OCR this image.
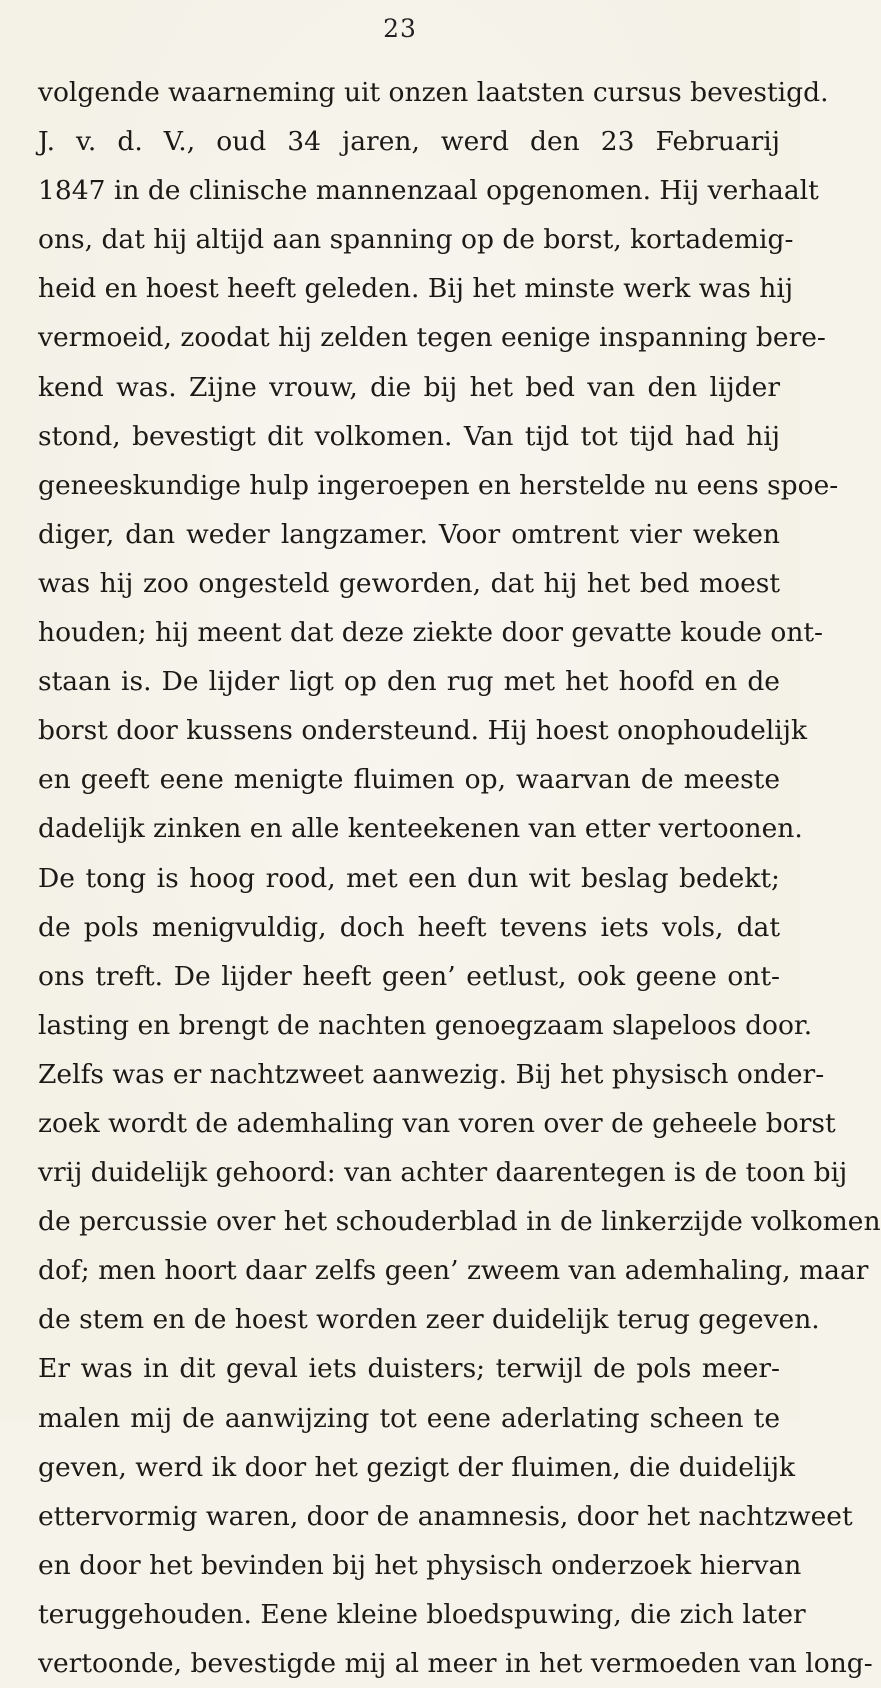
23
volgende waarneming uit onzen laatsten cursus bevestigd.
J. v. d. V., oud 34 jaren, werd den 23 Februarij
1847 in de clinische mannenzaal opgenomen. Hij verhaalt
ons, dat hij altijd aan spanning op de borst, kortademig-
heid en hoest heeft geleden. Bij het minste werk was hij
vermoeid, zoodat hij zelden tegen eenige inspanning bere-
kend was. Zijne vrouw, die bij het bed van den lijder
stond, bevestigt dit volkomen. Van tijd tot tijd had hij
geneeskundige hulp ingeroepen en herstelde nu eens spoe-
diger, dan weder langzamer. Voor omtrent vier weken
was hij zoo ongesteld geworden, dat hij het bed moest
houden; hij meent dat deze ziekte door gevatte koude ont-
staan is. De lijder ligt op den rug met het hoofd en de
borst door kussens ondersteund. Hij hoest onophoudelijk
en geeft eene menigte fluimen op, waarvan de meeste
dadelijk zinken en alle kenteekenen van etter vertoonen.
De tong is hoog rood, met een dun wit beslag bedekt;
de pols menigvuldig, doch heeft tevens iets vols, dat
ons treft. De lijder heeft geen’ eetlust, ook geene ont-
lasting en brengt de nachten genoegzaam slapeloos door.
Zelfs was er nachtzweet aanwezig. Bij het physisch onder-
zoek wordt de ademhaling van voren over de geheele borst
vrij duidelijk gehoord: van achter daarentegen is de toon bij
de percussie over het schouderblad in de linkerzijde volkomen
dof; men hoort daar zelfs geen’ zweem van ademhaling, maar
de stem en de hoest worden zeer duidelijk terug gegeven.
Er was in dit geval iets duisters; terwijl de pols meer-
malen mij de aanwijzing tot eene aderlating scheen te
geven, werd ik door het gezigt der fluimen, die duidelijk
ettervormig waren, door de anamnesis, door het nachtzweet
en door het bevinden bij het physisch onderzoek hiervan
teruggehouden. Eene kleine bloedspuwing, die zich later
vertoonde, bevestigde mij al meer in het vermoeden van long-
